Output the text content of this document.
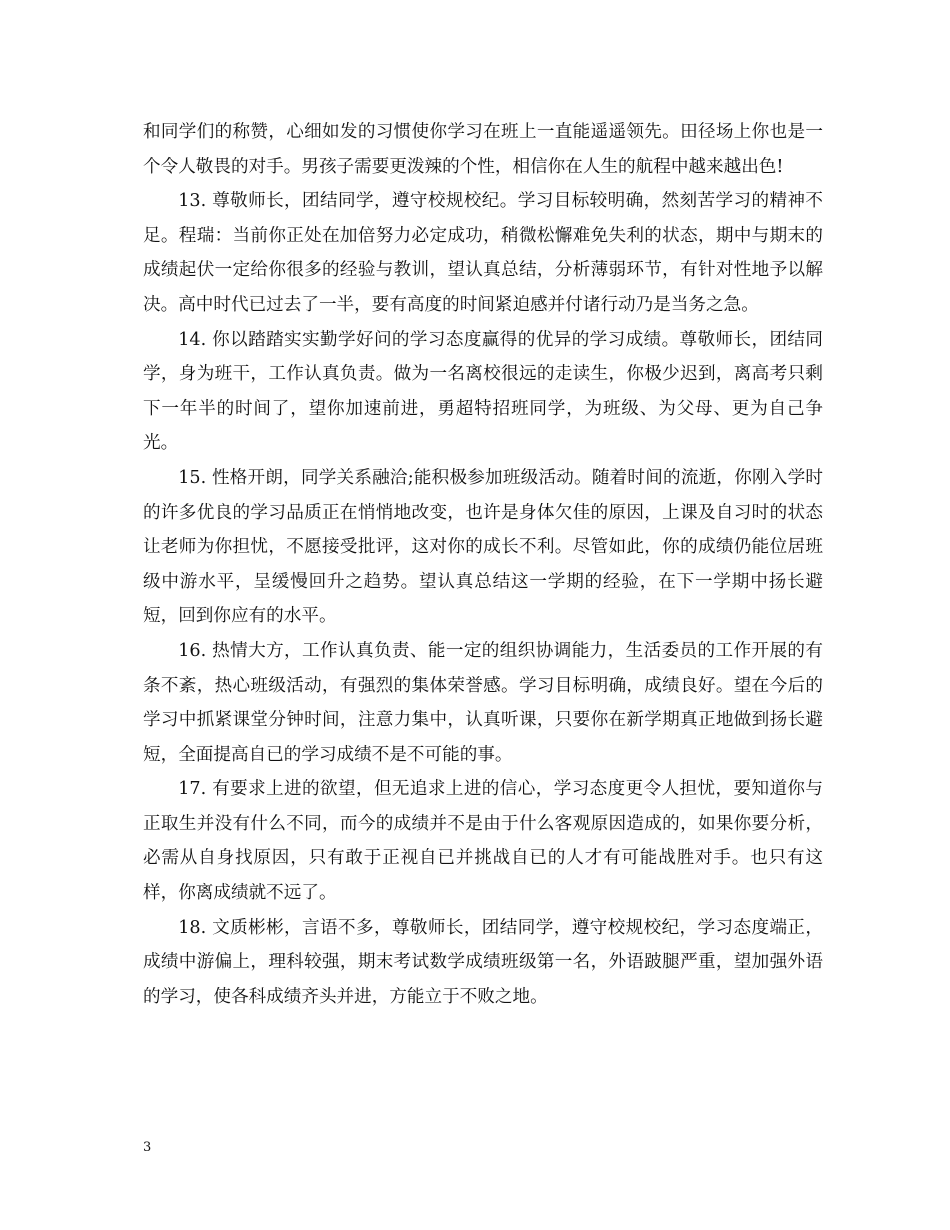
和同学们的称赞，心细如发的习惯使你学习在班上一直能遥遥领先。田径场上你也是一个令人敬畏的对手。男孩子需要更泼辣的个性，相信你在人生的航程中越来越出色!

13. 尊敬师长，团结同学，遵守校规校纪。学习目标较明确，然刻苦学习的精神不足。程瑞：当前你正处在加倍努力必定成功，稍微松懈难免失利的状态，期中与期末的成绩起伏一定给你很多的经验与教训，望认真总结，分析薄弱环节，有针对性地予以解决。高中时代已过去了一半，要有高度的时间紧迫感并付诸行动乃是当务之急。

14. 你以踏踏实实勤学好问的学习态度赢得的优异的学习成绩。尊敬师长，团结同学，身为班干，工作认真负责。做为一名离校很远的走读生，你极少迟到，离高考只剩下一年半的时间了，望你加速前进，勇超特招班同学，为班级、为父母、更为自己争光。

15. 性格开朗，同学关系融洽;能积极参加班级活动。随着时间的流逝，你刚入学时的许多优良的学习品质正在悄悄地改变，也许是身体欠佳的原因，上课及自习时的状态让老师为你担忧，不愿接受批评，这对你的成长不利。尽管如此，你的成绩仍能位居班级中游水平，呈缓慢回升之趋势。望认真总结这一学期的经验，在下一学期中扬长避短，回到你应有的水平。

16. 热情大方，工作认真负责、能一定的组织协调能力，生活委员的工作开展的有条不紊，热心班级活动，有强烈的集体荣誉感。学习目标明确，成绩良好。望在今后的学习中抓紧课堂分钟时间，注意力集中，认真听课，只要你在新学期真正地做到扬长避短，全面提高自已的学习成绩不是不可能的事。

17. 有要求上进的欲望，但无追求上进的信心，学习态度更令人担忧，要知道你与正取生并没有什么不同，而今的成绩并不是由于什么客观原因造成的，如果你要分析，必需从自身找原因，只有敢于正视自已并挑战自已的人才有可能战胜对手。也只有这样，你离成绩就不远了。

18. 文质彬彬，言语不多，尊敬师长，团结同学，遵守校规校纪，学习态度端正，成绩中游偏上，理科较强，期末考试数学成绩班级第一名，外语跛腿严重，望加强外语的学习，使各科成绩齐头并进，方能立于不败之地。

3
